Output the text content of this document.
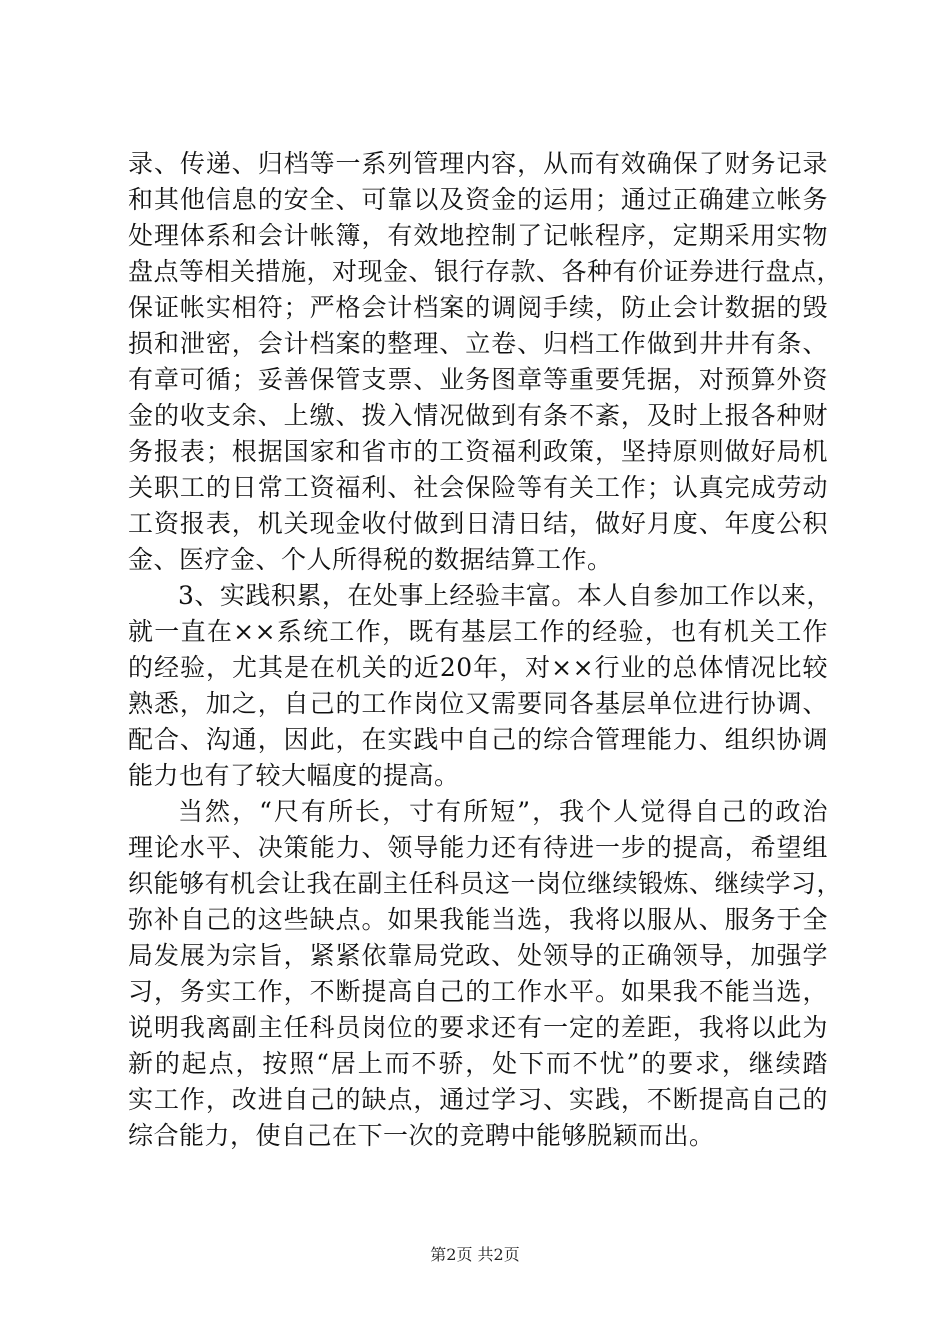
录、传递、归档等一系列管理内容，从而有效确保了财务记录
和其他信息的安全、可靠以及资金的运用；通过正确建立帐务
处理体系和会计帐簿，有效地控制了记帐程序，定期采用实物
盘点等相关措施，对现金、银行存款、各种有价证券进行盘点，
保证帐实相符；严格会计档案的调阅手续，防止会计数据的毁
损和泄密，会计档案的整理、立卷、归档工作做到井井有条、
有章可循；妥善保管支票、业务图章等重要凭据，对预算外资
金的收支余、上缴、拨入情况做到有条不紊，及时上报各种财
务报表；根据国家和省市的工资福利政策，坚持原则做好局机
关职工的日常工资福利、社会保险等有关工作；认真完成劳动
工资报表，机关现金收付做到日清日结，做好月度、年度公积
金、医疗金、个人所得税的数据结算工作。
3、实践积累，在处事上经验丰富。本人自参加工作以来，
就一直在××系统工作，既有基层工作的经验，也有机关工作
的经验，尤其是在机关的近20年，对××行业的总体情况比较
熟悉，加之，自己的工作岗位又需要同各基层单位进行协调、
配合、沟通，因此，在实践中自己的综合管理能力、组织协调
能力也有了较大幅度的提高。
当然，“尺有所长，寸有所短”，我个人觉得自己的政治
理论水平、决策能力、领导能力还有待进一步的提高，希望组
织能够有机会让我在副主任科员这一岗位继续锻炼、继续学习，
弥补自己的这些缺点。如果我能当选，我将以服从、服务于全
局发展为宗旨，紧紧依靠局党政、处领导的正确领导，加强学
习，务实工作，不断提高自己的工作水平。如果我不能当选，
说明我离副主任科员岗位的要求还有一定的差距，我将以此为
新的起点，按照“居上而不骄，处下而不忧”的要求，继续踏
实工作，改进自己的缺点，通过学习、实践，不断提高自己的
综合能力，使自己在下一次的竞聘中能够脱颖而出。
第2页 共2页
